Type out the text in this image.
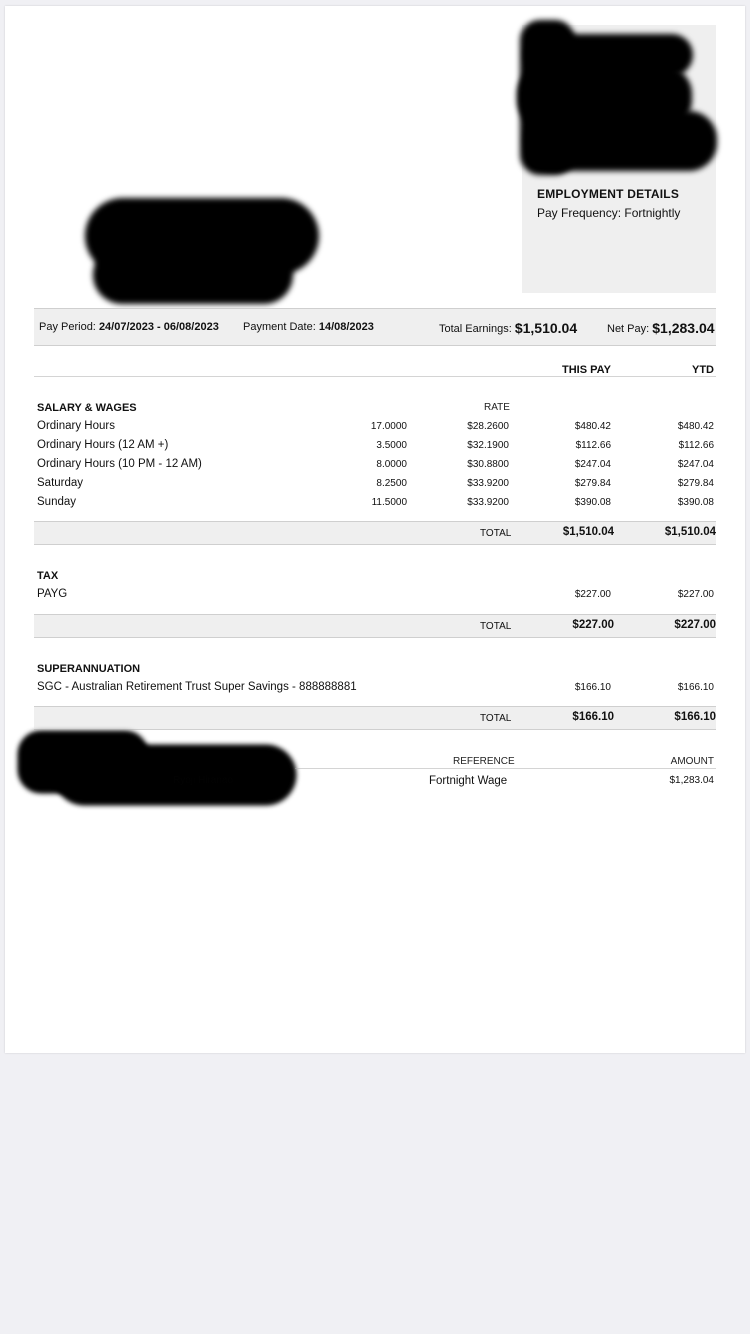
EMPLOYMENT DETAILS
Pay Frequency: Fortnightly
Pay Period: 24/07/2023 - 06/08/2023 Payment Date: 14/08/2023	Total Earnings: $1,510.04	Net Pay: $1,283.04
THIS PAY	YTD
SALARY & WAGES	RATE
Ordinary Hours	17.0000	$28.2600	$480.42	$480.42
Ordinary Hours (12 AM +)	3.5000	$32.1900	$112.66	$112.66
Ordinary Hours (10 PM - 12 AM)	8.0000	$30.8800	$247.04	$247.04
Saturday	8.2500	$33.9200	$279.84	$279.84
Sunday	11.5000	$33.9200	$390.08	$390.08
TOTAL	$1,510.04	$1,510.04
TAX
PAYG	$227.00	$227.00
TOTAL	$227.00	$227.00
SUPERANNUATION
SGC - Australian Retirement Trust Super Savings - 888888881	$166.10	$166.10
TOTAL	$166.10	$166.10
REFERENCE	AMOUNT
Fortnight Wage	$1,283.04
